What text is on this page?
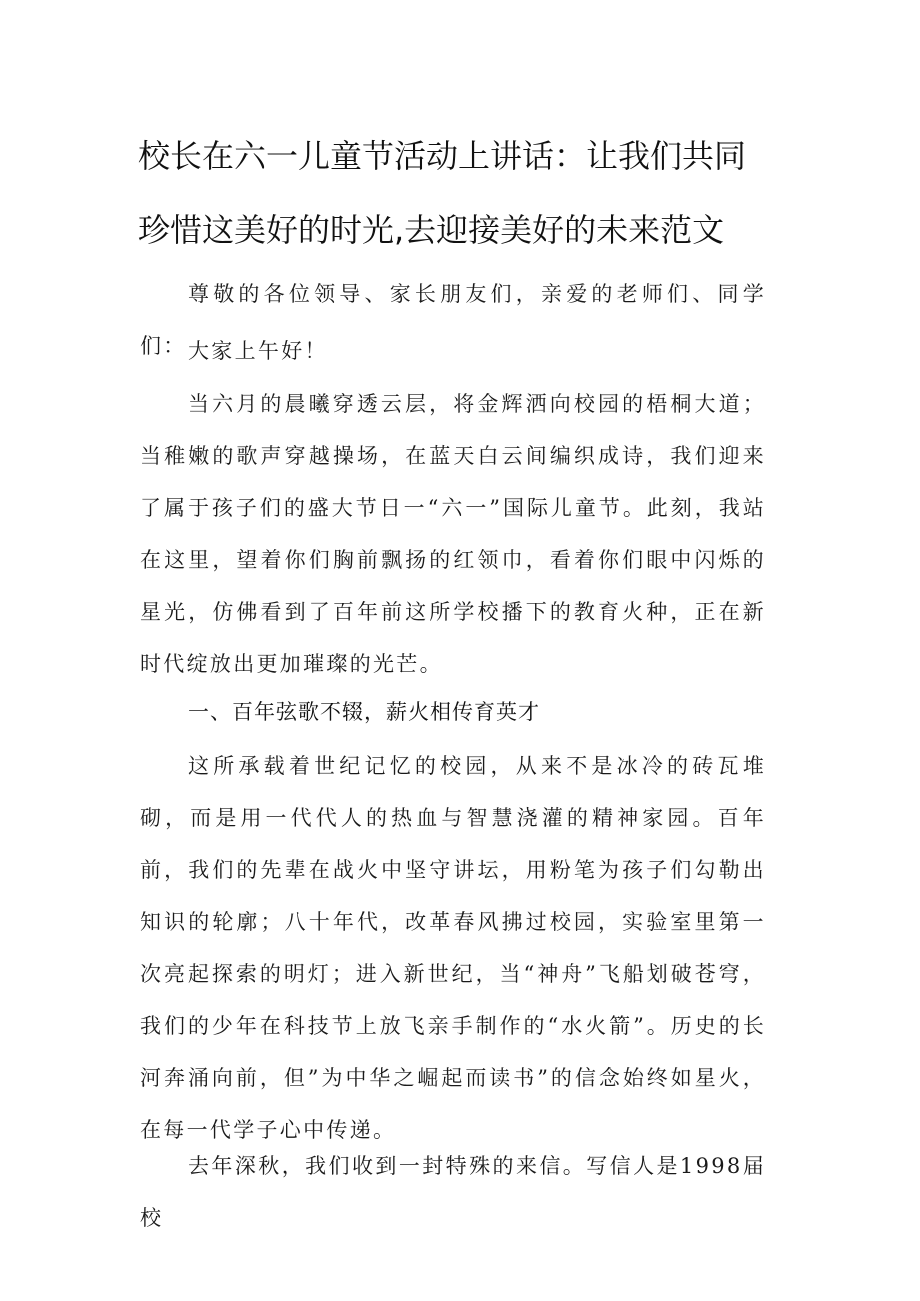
校长在六一儿童节活动上讲话：让我们共同
珍惜这美好的时光,去迎接美好的未来范文
尊敬的各位领导、家长朋友们，亲爱的老师们、同学们： 大家上午好！
当六月的晨曦穿透云层，将金辉洒向校园的梧桐大道；当稚嫩的歌声穿越操场，在蓝天白云间编织成诗，我们迎来了属于孩子们的盛大节日一“六一”国际儿童节。此刻，我站在这里，望着你们胸前飘扬的红领巾，看着你们眼中闪烁的星光，仿佛看到了百年前这所学校播下的教育火种，正在新时代绽放出更加璀璨的光芒。
一、百年弦歌不辍，薪火相传育英才
这所承载着世纪记忆的校园，从来不是冰冷的砖瓦堆砌，而是用一代代人的热血与智慧浇灌的精神家园。百年前，我们的先辈在战火中坚守讲坛，用粉笔为孩子们勾勒出知识的轮廓；八十年代，改革春风拂过校园，实验室里第一次亮起探索的明灯；进入新世纪，当“神舟”飞船划破苍穹，我们的少年在科技节上放飞亲手制作的“水火箭”。历史的长河奔涌向前，但”为中华之崛起而读书”的信念始终如星火，在每一代学子心中传递。
去年深秋，我们收到一封特殊的来信。写信人是1998届校
